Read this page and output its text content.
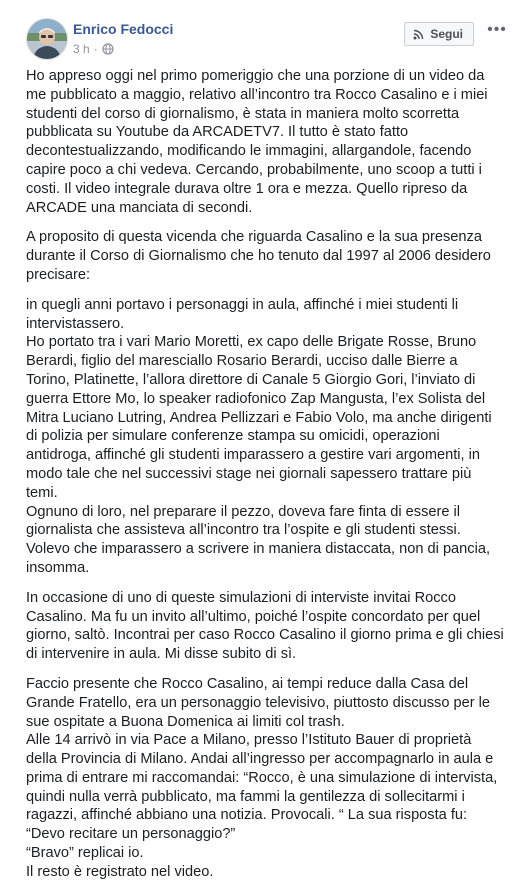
Enrico Fedocci
3 h ·
Segui •••

Ho appreso oggi nel primo pomeriggio che una porzione di un video da me pubblicato a maggio, relativo all’incontro tra Rocco Casalino e i miei studenti del corso di giornalismo, è stata in maniera molto scorretta pubblicata su Youtube da ARCADETV7. Il tutto è stato fatto decontestualizzando, modificando le immagini, allargandole, facendo capire poco a chi vedeva. Cercando, probabilmente, uno scoop a tutti i costi. Il video integrale durava oltre 1 ora e mezza. Quello ripreso da ARCADE una manciata di secondi.

A proposito di questa vicenda che riguarda Casalino e la sua presenza durante il Corso di Giornalismo che ho tenuto dal 1997 al 2006 desidero precisare:

in quegli anni portavo i personaggi in aula, affinché i miei studenti li intervistassero.

Ho portato tra i vari Mario Moretti, ex capo delle Brigate Rosse, Bruno Berardi, figlio del maresciallo Rosario Berardi, ucciso dalle Bierre a Torino, Platinette, l’allora direttore di Canale 5 Giorgio Gori, l’inviato di guerra Ettore Mo, lo speaker radiofonico Zap Mangusta, l’ex Solista del Mitra Luciano Lutring, Andrea Pellizzari e Fabio Volo, ma anche dirigenti di polizia per simulare conferenze stampa su omicidi, operazioni antidroga, affinché gli studenti imparassero a gestire vari argomenti, in modo tale che nel successivi stage nei giornali sapessero trattare più temi.

Ognuno di loro, nel preparare il pezzo, doveva fare finta di essere il giornalista che assisteva all’incontro tra l’ospite e gli studenti stessi. Volevo che imparassero a scrivere in maniera distaccata, non di pancia, insomma.

In occasione di uno di queste simulazioni di interviste invitai Rocco Casalino. Ma fu un invito all’ultimo, poiché l’ospite concordato per quel giorno, saltò. Incontrai per caso Rocco Casalino il giorno prima e gli chiesi di intervenire in aula. Mi disse subito di sì.

Faccio presente che Rocco Casalino, ai tempi reduce dalla Casa del Grande Fratello, era un personaggio televisivo, piuttosto discusso per le sue ospitate a Buona Domenica ai limiti col trash.

Alle 14 arrivò in via Pace a Milano, presso l’Istituto Bauer di proprietà della Provincia di Milano. Andai all’ingresso per accompagnarlo in aula e prima di entrare mi raccomandai: “Rocco, è una simulazione di intervista, quindi nulla verrà pubblicato, ma fammi la gentilezza di sollecitarmi i ragazzi, affinché abbiano una notizia. Provocali. “ La sua risposta fu: “Devo recitare un personaggio?”

“Bravo” replicai io.

Il resto è registrato nel video.
